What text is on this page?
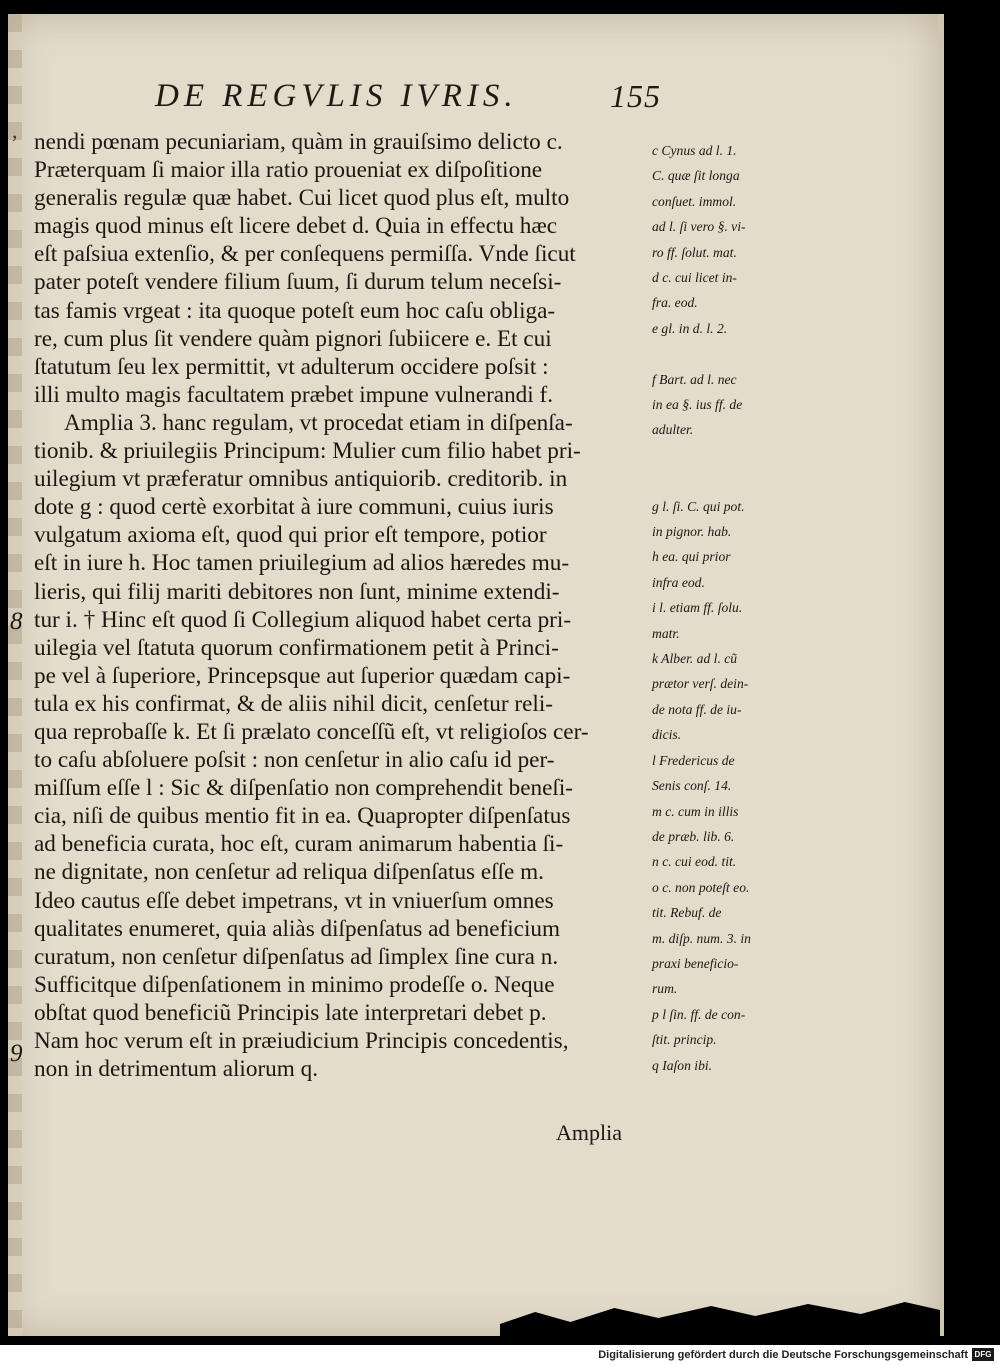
DE REGVLIS IVRIS.	155
, nendi pœnam pecuniariam, quàm in grauiſsimo delicto c.
Præterquam ſi maior illa ratio proueniat ex diſpoſitione
generalis regulæ quæ habet. Cui licet quod plus eſt, multo
magis quod minus eſt licere debet d. Quia in effectu hæc
eſt paſsiua extenſio, & per conſequens permiſſa. Vnde ſicut
pater poteſt vendere filium ſuum, ſi durum telum neceſsi-
tas famis vrgeat : ita quoque poteſt eum hoc caſu obliga-
re, cum plus ſit vendere quàm pignori ſubiicere e. Et cui
ſtatutum ſeu lex permittit, vt adulterum occidere poſsit :
illi multo magis facultatem præbet impune vulnerandi f.
Amplia 3. hanc regulam, vt procedat etiam in diſpenſa-
tionib. & priuilegiis Principum: Mulier cum filio habet pri-
uilegium vt præferatur omnibus antiquiorib. creditorib. in
dote g : quod certè exorbitat à iure communi, cuius iuris
vulgatum axioma eſt, quod qui prior eſt tempore, potior
eſt in iure h. Hoc tamen priuilegium ad alios hæredes mu-
lieris, qui filij mariti debitores non ſunt, minime extendi-
tur i. † Hinc eſt quod ſi Collegium aliquod habet certa pri-
uilegia vel ſtatuta quorum confirmationem petit à Princi-
pe vel à ſuperiore, Princepsque aut ſuperior quædam capi-
tula ex his confirmat, & de aliis nihil dicit, cenſetur reli-
qua reprobaſſe k. Et ſi prælato conceſſũ eſt, vt religioſos cer-
to caſu abſoluere poſsit : non cenſetur in alio caſu id per-
miſſum eſſe l : Sic & diſpenſatio non comprehendit beneſi-
cia, niſi de quibus mentio fit in ea. Quapropter diſpenſatus
ad beneficia curata, hoc eſt, curam animarum habentia ſi-
ne dignitate, non cenſetur ad reliqua diſpenſatus eſſe m.
Ideo cautus eſſe debet impetrans, vt in vniuerſum omnes
qualitates enumeret, quia aliàs diſpenſatus ad beneficium
curatum, non cenſetur diſpenſatus ad ſimplex ſine cura n.
Sufficitque diſpenſationem in minimo prodeſſe o. Neque
obſtat quod beneficiũ Principis late interpretari debet p.
Nam hoc verum eſt in præiudicium Principis concedentis,
non in detrimentum aliorum q.
8
9
c Cynus ad l. 1.
C. quæ ſit longa
conſuet. immol.
ad l. ſi vero §. vi-
ro ff. ſolut. mat.
d c. cui licet in-
fra. eod.
e gl. in d. l. 2.
f Bart. ad l. nec
in ea §. ius ff. de
adulter.
g l. ſi. C. qui pot.
in pignor. hab.
h ea. qui prior
infra eod.
i l. etiam ff. ſolu.
matr.
k Alber. ad l. cũ
prætor verſ. dein-
de nota ff. de iu-
dicis.
l Fredericus de
Senis conſ. 14.
m c. cum in illis
de præb. lib. 6.
n c. cui eod. tit.
o c. non poteſt eo.
tit. Rebuf. de
m. diſp. num. 3. in
praxi beneficio-
rum.
p l ſin. ff. de con-
ſtit. princip.
q Iaſon ibi.
Amplia
Digitalisierung gefördert durch die Deutsche Forschungsgemeinschaft DFG
